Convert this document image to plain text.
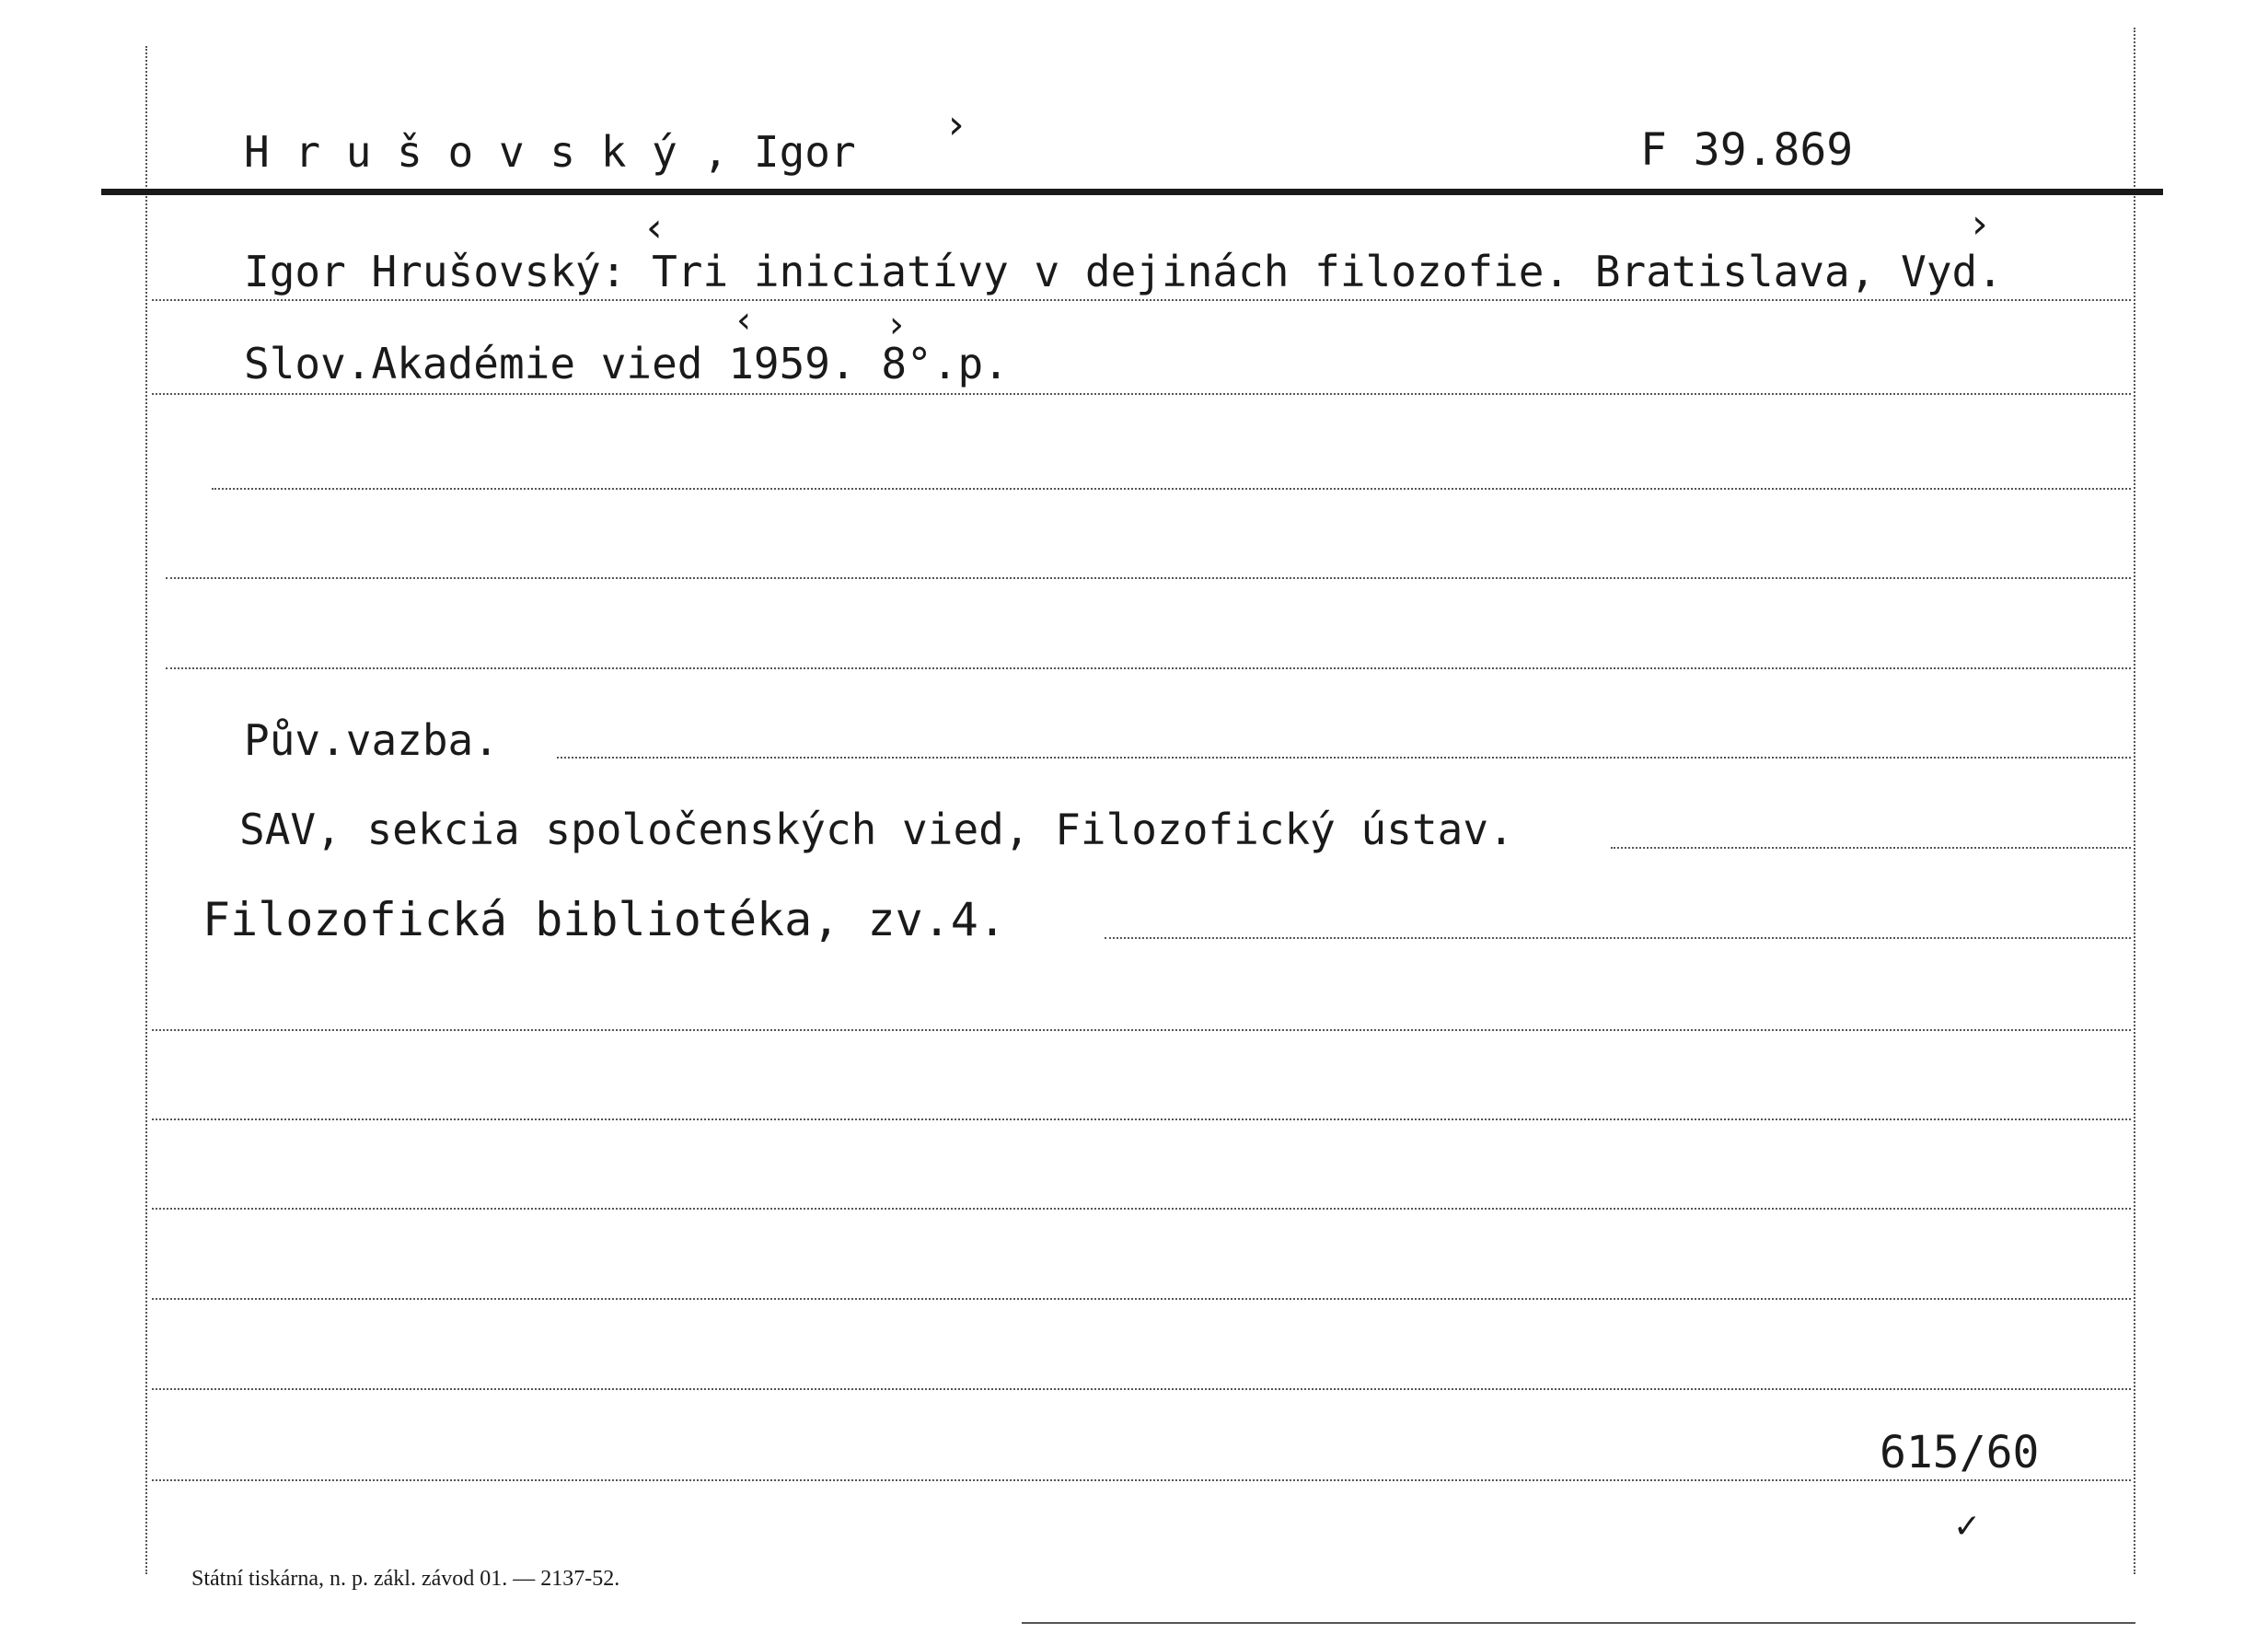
H r u š o v s k ý , Igor	F 39.869
›
Igor Hrušovský: Tri iniciatívy v dejinách filozofie. Bratislava, Vyd.
Slov.Akadémie vied 1959. 8°.p.
‹	›
‹	›
Pův.vazba.
SAV, sekcia spoločenských vied, Filozofický ústav.
Filozofická bibliotéka, zv.4.
615/60
✓
Státní tiskárna, n. p. zákl. závod 01. — 2137-52.
